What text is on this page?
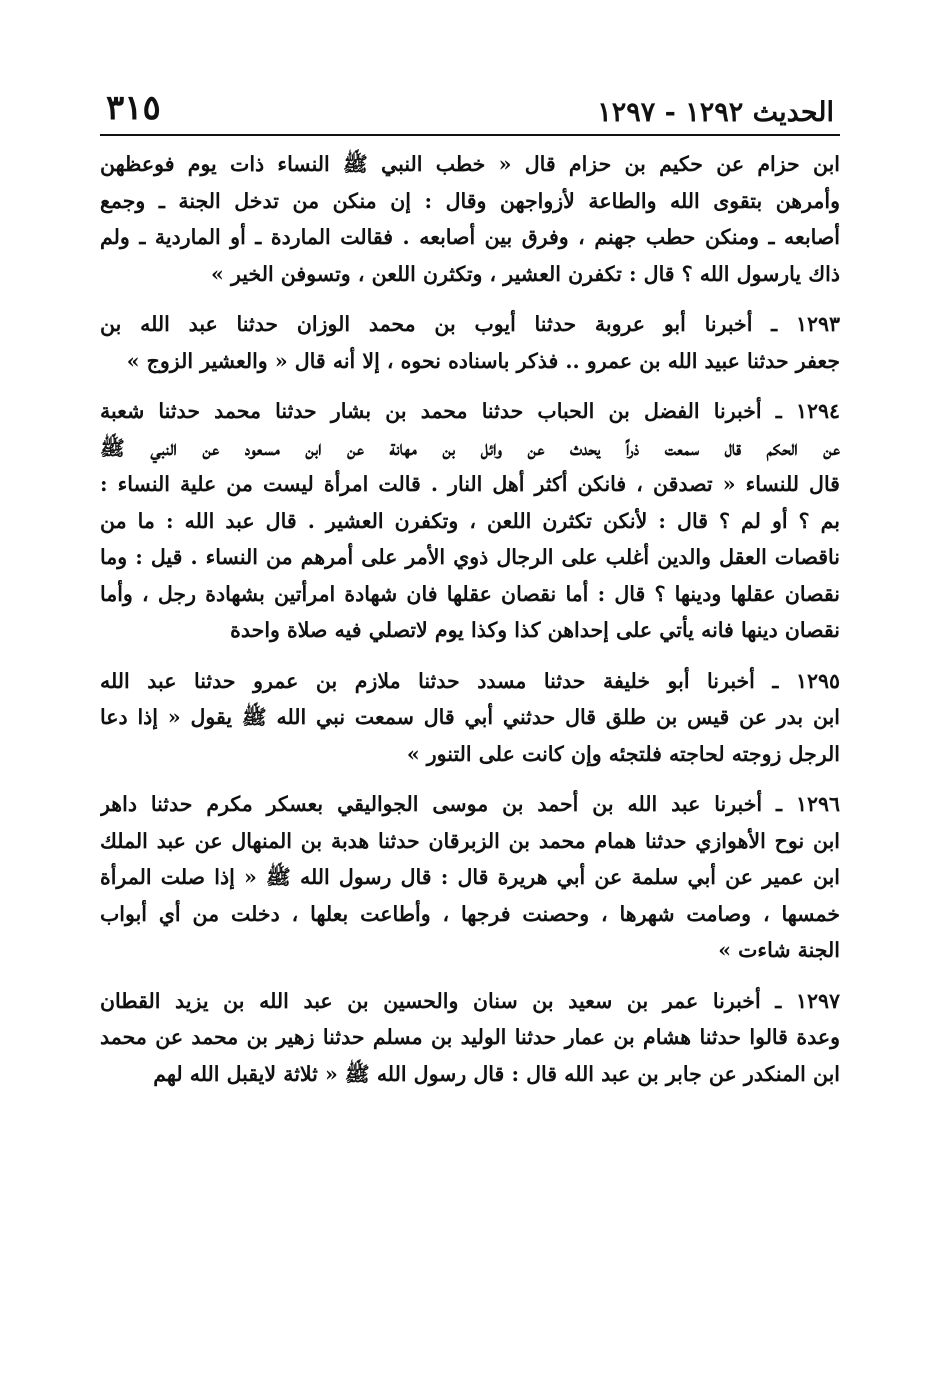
الحديث ١٢٩٢ - ١٢٩٧
٣١٥
ابن حزام عن حكيم بن حزام قال « خطب النبي ﷺ النساء ذات يوم فوعظهن
وأمرهن بتقوى الله والطاعة لأزواجهن وقال : إن منكن من تدخل الجنة ـ وجمع
أصابعه ـ ومنكن حطب جهنم ، وفرق بين أصابعه . فقالت الماردة ـ أو الماردية ـ ولم
ذاك يارسول الله ؟ قال : تكفرن العشير ، وتكثرن اللعن ، وتسوفن الخير »
١٢٩٣ ـ أخبرنا أبو عروبة حدثنا أيوب بن محمد الوزان حدثنا عبد الله بن
جعفر حدثنا عبيد الله بن عمرو .. فذكر باسناده نحوه ، إلا أنه قال « والعشير الزوج »
١٢٩٤ ـ أخبرنا الفضل بن الحباب حدثنا محمد بن بشار حدثنا محمد حدثنا شعبة
عن الحكم قال سمعت ذراً يحدث عن وائل بن مهانة عن ابن مسعود عن النبي ﷺ
قال للنساء « تصدقن ، فانكن أكثر أهل النار . قالت امرأة ليست من علية النساء :
بم ؟ أو لم ؟ قال : لأنكن تكثرن اللعن ، وتكفرن العشير . قال عبد الله : ما من
ناقصات العقل والدين أغلب على الرجال ذوي الأمر على أمرهم من النساء . قيل : وما
نقصان عقلها ودينها ؟ قال : أما نقصان عقلها فان شهادة امرأتين بشهادة رجل ، وأما
نقصان دينها فانه يأتي على إحداهن كذا وكذا يوم لاتصلي فيه صلاة واحدة
١٢٩٥ ـ أخبرنا أبو خليفة حدثنا مسدد حدثنا ملازم بن عمرو حدثنا عبد الله
ابن بدر عن قيس بن طلق قال حدثني أبي قال سمعت نبي الله ﷺ يقول « إذا دعا
الرجل زوجته لحاجته فلتجئه وإن كانت على التنور »
١٢٩٦ ـ أخبرنا عبد الله بن أحمد بن موسى الجواليقي بعسكر مكرم حدثنا داهر
ابن نوح الأهوازي حدثنا همام محمد بن الزبرقان حدثنا هدبة بن المنهال عن عبد الملك
ابن عمير عن أبي سلمة عن أبي هريرة قال : قال رسول الله ﷺ « إذا صلت المرأة
خمسها ، وصامت شهرها ، وحصنت فرجها ، وأطاعت بعلها ، دخلت من أي أبواب
الجنة شاءت »
١٢٩٧ ـ أخبرنا عمر بن سعيد بن سنان والحسين بن عبد الله بن يزيد القطان
وعدة قالوا حدثنا هشام بن عمار حدثنا الوليد بن مسلم حدثنا زهير بن محمد عن محمد
ابن المنكدر عن جابر بن عبد الله قال : قال رسول الله ﷺ « ثلاثة لايقبل الله لهم
